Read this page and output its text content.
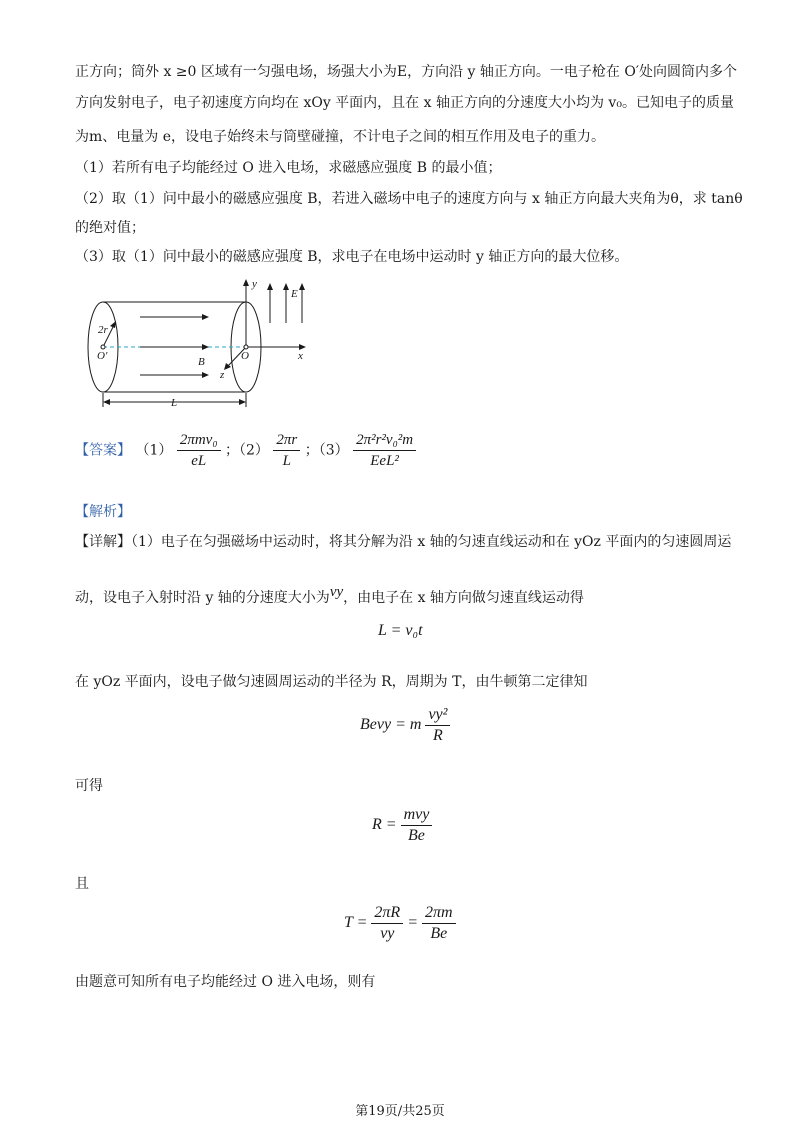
正方向；筒外 x ≥0 区域有一匀强电场，场强大小为E，方向沿 y 轴正方向。一电子枪在 O′处向圆筒内多个
方向发射电子，电子初速度方向均在 xOy 平面内，且在 x 轴正方向的分速度大小均为 v₀。已知电子的质量
为m、电量为 e，设电子始终未与筒壁碰撞，不计电子之间的相互作用及电子的重力。
（1）若所有电子均能经过 O 进入电场，求磁感应强度 B 的最小值；
（2）取（1）问中最小的磁感应强度 B，若进入磁场中电子的速度方向与 x 轴正方向最大夹角为θ，求 tanθ
的绝对值；
（3）取（1）问中最小的磁感应强度 B，求电子在电场中运动时 y 轴正方向的最大位移。
y
E
2r
O′	O	x
B
z
L
【答案】 $(1) \frac{\text{2πmv₀}}{eL}$ ；$(2) \frac{2\pi r}{L}$ ；$(3) \frac{\text{2π²r²v₀²m}}{\text{EeL²}}$
【解析】
【详解】（1）电子在匀强磁场中运动时，将其分解为沿 x 轴的匀速直线运动和在 yOz 平面内的匀速圆周运
动，设电子入射时沿 y 轴的分速度大小为vy，由电子在 x 轴方向做匀速直线运动得
L = v₀t
在 yOz 平面内，设电子做匀速圆周运动的半径为 R，周期为 T，由牛顿第二定律知
Bevy = m $\frac{\text{vy²}}{R}$
可得
$R = \frac{\text{mvy}}{Be}$
且
$T = \frac{2\pi R}{vy} = \frac{2\pi m}{Be}$
由题意可知所有电子均能经过 O 进入电场，则有
第19页/共25页
